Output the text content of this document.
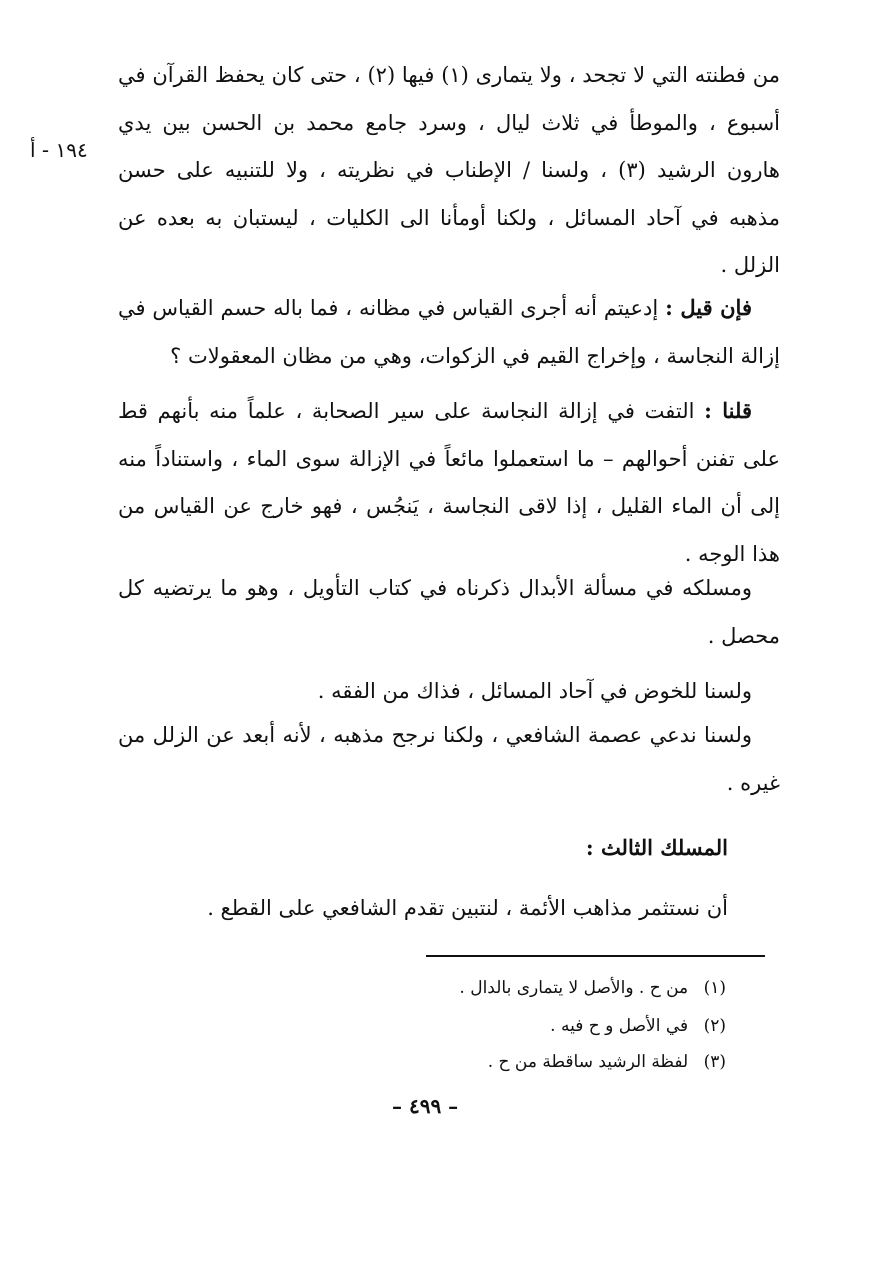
١٩٤ - أ

من فطنته التي لا تجحد ، ولا يتمارى (١) فيها (٢) ، حتى كان يحفظ القرآن في أسبوع ، والموطأ في ثلاث ليال ، وسرد جامع محمد بن الحسن بين يدي هارون الرشيد (٣) ، ولسنا / الإطناب في نظريته ، ولا للتنبيه على حسن مذهبه في آحاد المسائل ، ولكنا أومأنا الى الكليات ، ليستبان به بعده عن الزلل .

فإن قيل : إدعيتم أنه أجرى القياس في مظانه ، فما باله حسم القياس في إزالة النجاسة ، وإخراج القيم في الزكوات، وهي من مظان المعقولات ؟
قلنا : التفت في إزالة النجاسة على سير الصحابة ، علماً منه بأنهم قط على تفنن أحوالهم – ما استعملوا مائعاً في الإزالة سوى الماء ، واستناداً منه إلى أن الماء القليل ، إذا لاقى النجاسة ، يَنجُس ، فهو خارج عن القياس من هذا الوجه .
ومسلكه في مسألة الأبدال ذكرناه في كتاب التأويل ، وهو ما يرتضيه كل محصل .
ولسنا للخوض في آحاد المسائل ، فذاك من الفقه .
ولسنا ندعي عصمة الشافعي ، ولكنا نرجح مذهبه ، لأنه أبعد عن الزلل من غيره .
المسلك الثالث :
أن نستثمر مذاهب الأئمة ، لنتبين تقدم الشافعي على القطع .
(١) من ح . والأصل لا يتمارى بالدال .
(٢) في الأصل و ح فيه .
(٣) لفظة الرشيد ساقطة من ح .
– ٤٩٩ –
